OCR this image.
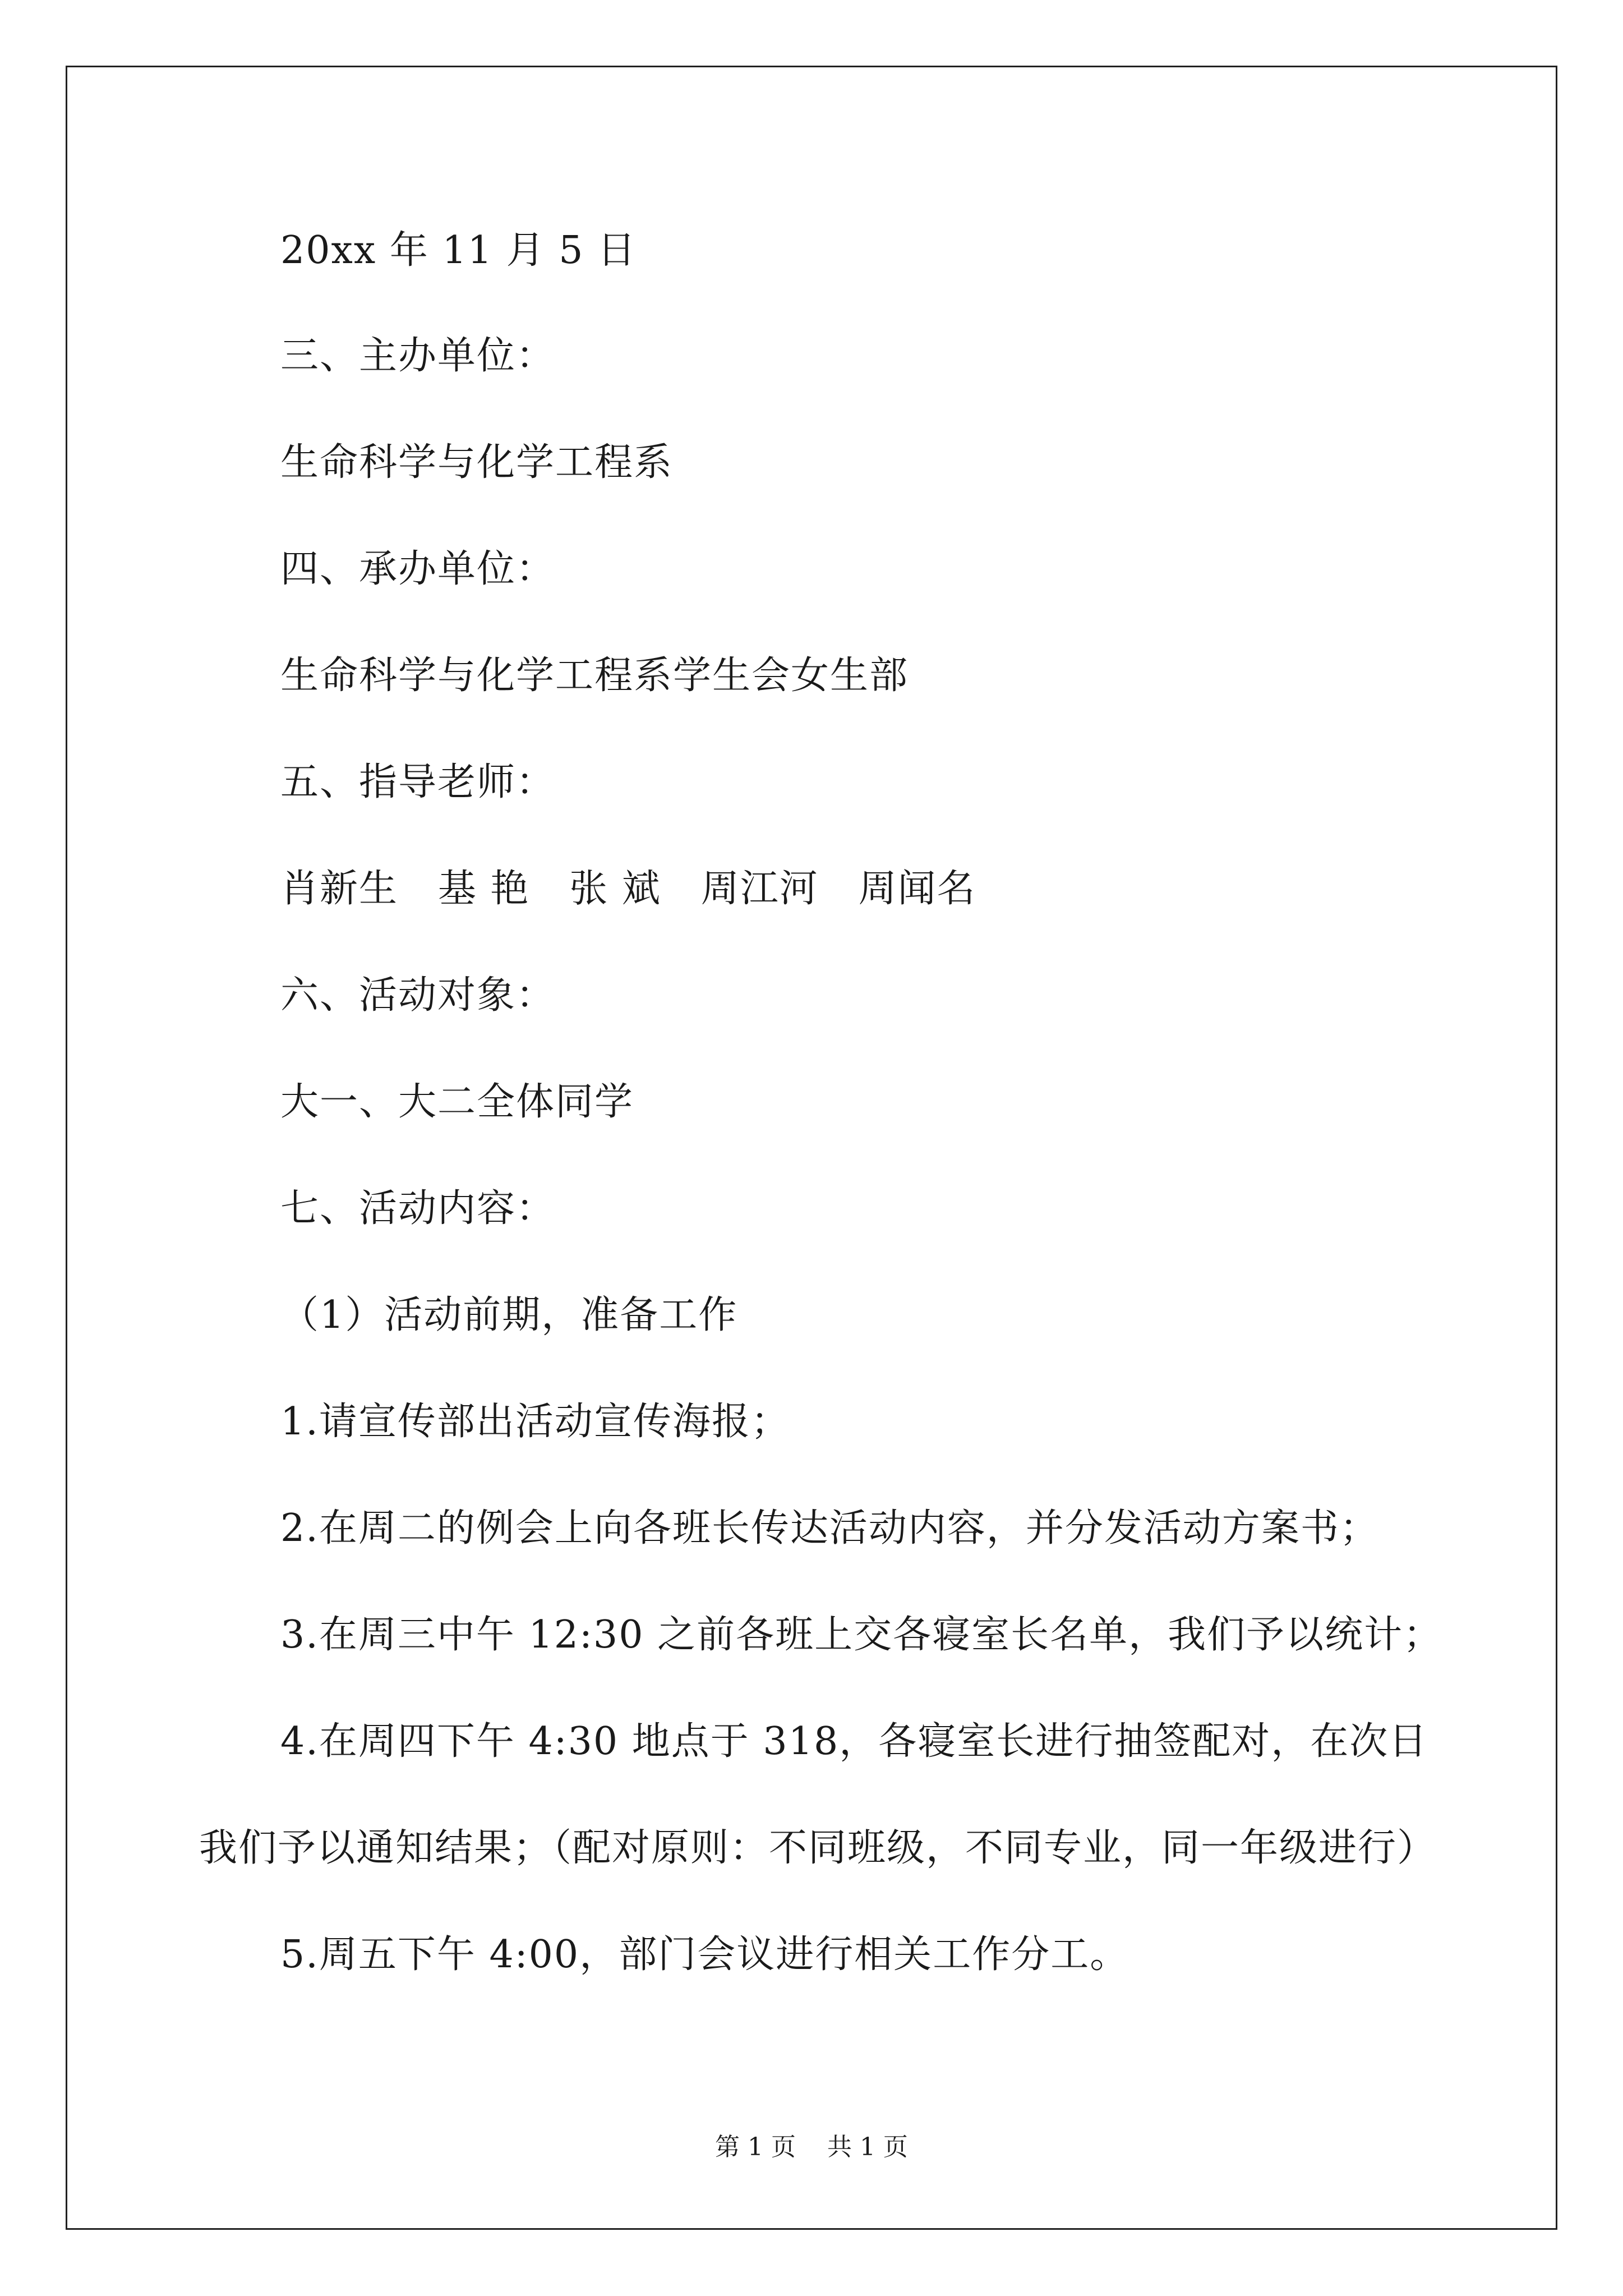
20xx 年 11 月 5 日
三、主办单位：
生命科学与化学工程系
四、承办单位：
生命科学与化学工程系学生会女生部
五、指导老师：
肖新生   基 艳   张 斌   周江河   周闻名
六、活动对象：
大一、大二全体同学
七、活动内容：
（1）活动前期，准备工作
1.请宣传部出活动宣传海报；
2.在周二的例会上向各班长传达活动内容，并分发活动方案书；
3.在周三中午 12:30 之前各班上交各寝室长名单，我们予以统计；
4.在周四下午 4:30 地点于 318，各寝室长进行抽签配对，在次日
我们予以通知结果；（配对原则：不同班级，不同专业，同一年级进行）
5.周五下午 4:00，部门会议进行相关工作分工。
第 1 页    共 1 页
